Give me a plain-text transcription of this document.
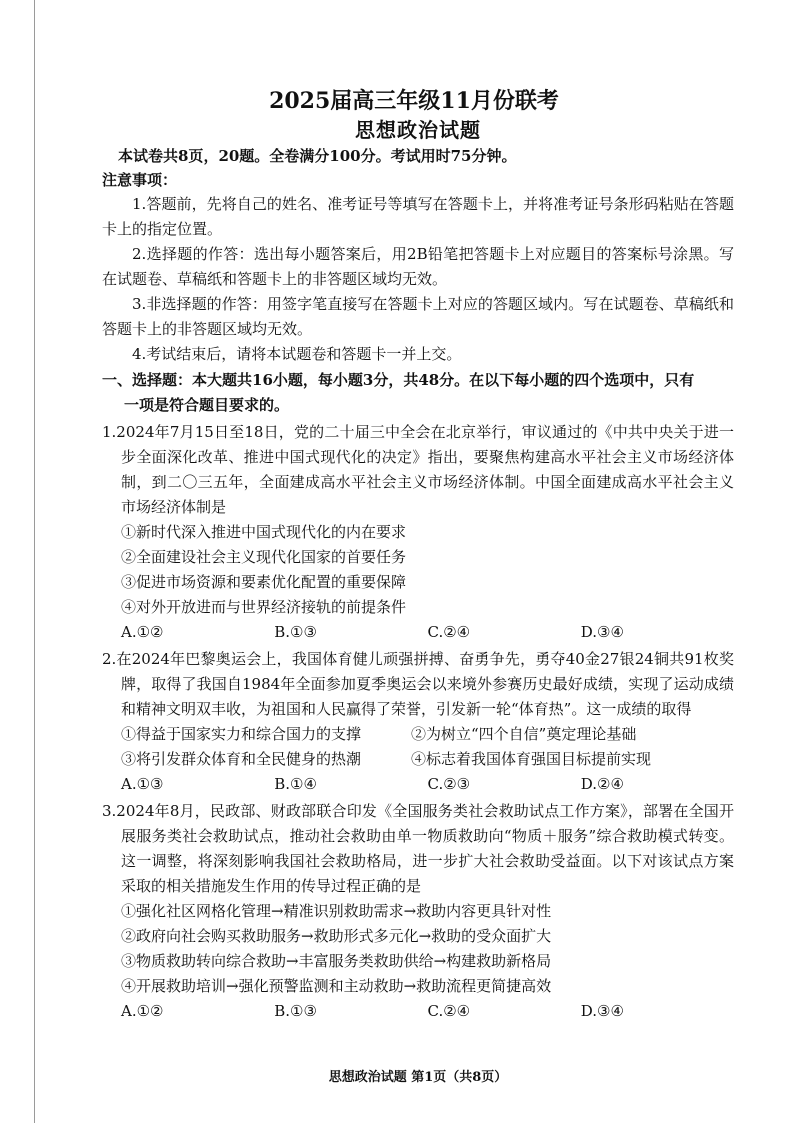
2025届高三年级11月份联考
思想政治试题
本试卷共8页，20题。全卷满分100分。考试用时75分钟。
注意事项：
1.答题前，先将自己的姓名、准考证号等填写在答题卡上，并将准考证号条形码粘贴在答题卡上的指定位置。
2.选择题的作答：选出每小题答案后，用2B铅笔把答题卡上对应题目的答案标号涂黑。写在试题卷、草稿纸和答题卡上的非答题区域均无效。
3.非选择题的作答：用签字笔直接写在答题卡上对应的答题区域内。写在试题卷、草稿纸和答题卡上的非答题区域均无效。
4.考试结束后，请将本试题卷和答题卡一并上交。
一、选择题：本大题共16小题，每小题3分，共48分。在以下每小题的四个选项中，只有
一项是符合题目要求的。
1.2024年7月15日至18日，党的二十届三中全会在北京举行，审议通过的《中共中央关于进一步全面深化改革、推进中国式现代化的决定》指出，要聚焦构建高水平社会主义市场经济体制，到二〇三五年，全面建成高水平社会主义市场经济体制。中国全面建成高水平社会主义市场经济体制是
①新时代深入推进中国式现代化的内在要求
②全面建设社会主义现代化国家的首要任务
③促进市场资源和要素优化配置的重要保障
④对外开放进而与世界经济接轨的前提条件
A.①②	B.①③	C.②④	D.③④
2.在2024年巴黎奥运会上，我国体育健儿顽强拼搏、奋勇争先，勇夺40金27银24铜共91枚奖牌，取得了我国自1984年全面参加夏季奥运会以来境外参赛历史最好成绩，实现了运动成绩和精神文明双丰收，为祖国和人民赢得了荣誉，引发新一轮“体育热”。这一成绩的取得
①得益于国家实力和综合国力的支撑	②为树立“四个自信”奠定理论基础
③将引发群众体育和全民健身的热潮	④标志着我国体育强国目标提前实现
A.①③	B.①④	C.②③	D.②④
3.2024年8月，民政部、财政部联合印发《全国服务类社会救助试点工作方案》，部署在全国开展服务类社会救助试点，推动社会救助由单一物质救助向“物质＋服务”综合救助模式转变。这一调整，将深刻影响我国社会救助格局，进一步扩大社会救助受益面。以下对该试点方案采取的相关措施发生作用的传导过程正确的是
①强化社区网格化管理→精准识别救助需求→救助内容更具针对性
②政府向社会购买救助服务→救助形式多元化→救助的受众面扩大
③物质救助转向综合救助→丰富服务类救助供给→构建救助新格局
④开展救助培训→强化预警监测和主动救助→救助流程更简捷高效
A.①②	B.①③	C.②④	D.③④
思想政治试题 第1页（共8页）
